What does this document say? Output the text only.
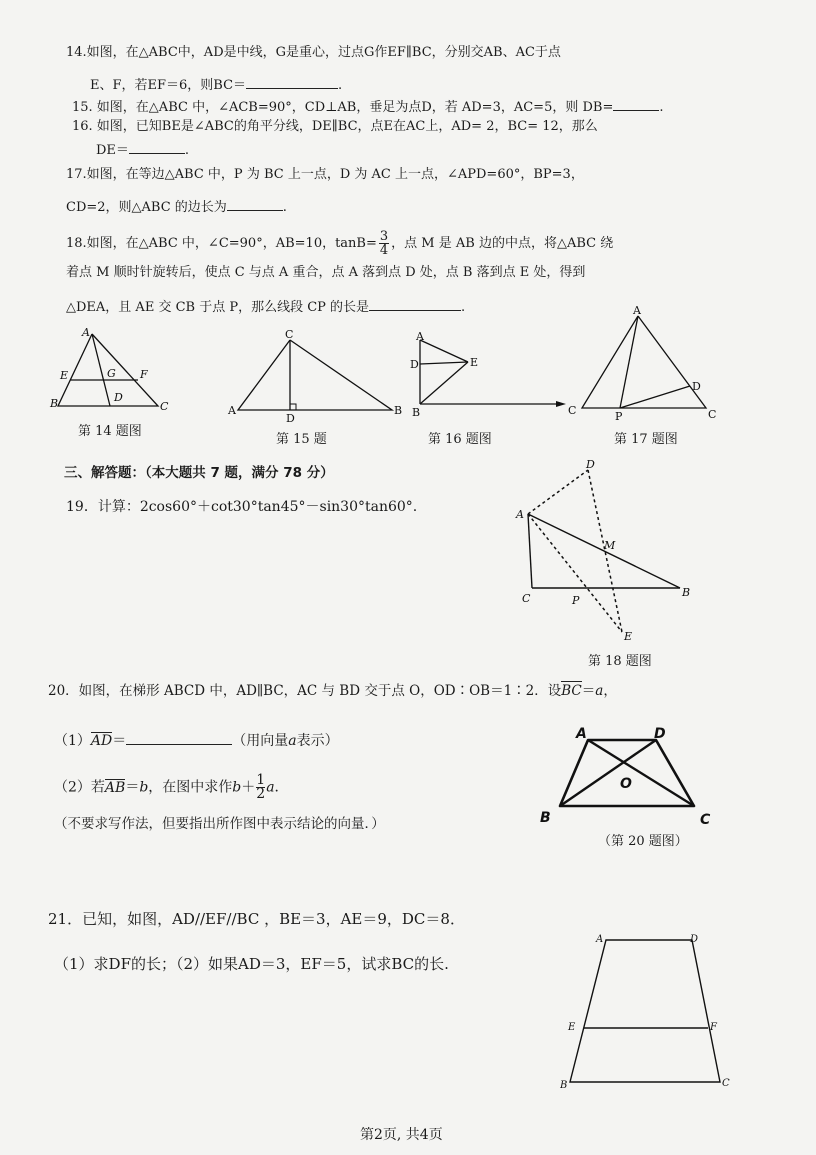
14.如图，在△ABC中，AD是中线，G是重心，过点G作EF∥BC，分别交AB、AC于点
E、F，若EF＝6，则BC＝	.
15. 如图，在△ABC 中，∠ACB=90°，CD⊥AB，垂足为点D，若 AD=3，AC=5，则 DB=	.
16. 如图，已知BE是∠ABC的角平分线，DE∥BC，点E在AC上，AD= 2，BC= 12，那么
DE＝	.
17.如图，在等边△ABC 中，P 为 BC 上一点，D 为 AC 上一点，∠APD=60°，BP=3，
CD=2，则△ABC 的边长为	.
18.如图，在△ABC 中，∠C=90°，AB=10，$\tan B= \frac{3}{4}$ ，点 M 是 AB 边的中点，将△ABC 绕
着点 M 顺时针旋转后，使点 C 与点 A 重合，点 A 落到点 D 处，点 B 落到点 E 处，得到
△DEA，且 AE 交 CB 于点 P，那么线段 CP 的长是	.
A
E	G F
B	D
C
第 14 题图
C
A
D
B
第 15 题
A
D	E
B
第 16 题图
A
D
C	P	C
第 17 题图
三、解答题：（本大题共 7 题，满分 78 分）
19．计算：2cos60°＋cot30°tan45°－sin30°tan60°.
D
A
M
C	P
B
E
第 18 题图
20．如图，在梯形 ABCD 中，AD∥BC，AC 与 BD 交于点 O，OD∶OB＝1∶2．设BC＝a，
（1）AD＝	（用向量a表示）
（2）若AB＝b，在图中求作$b+ \frac{1}{2}$ a．
（不要求写作法，但要指出所作图中表示结论的向量．）
A	D
O
B	C
（第 20 题图）
21．已知，如图，AD//EF//BC ，BE＝3，AE＝9，DC＝8．
（1）求DF的长；（2）如果AD＝3，EF＝5，试求BC的长.
A	D
E	F
B	C
第2页, 共4页
